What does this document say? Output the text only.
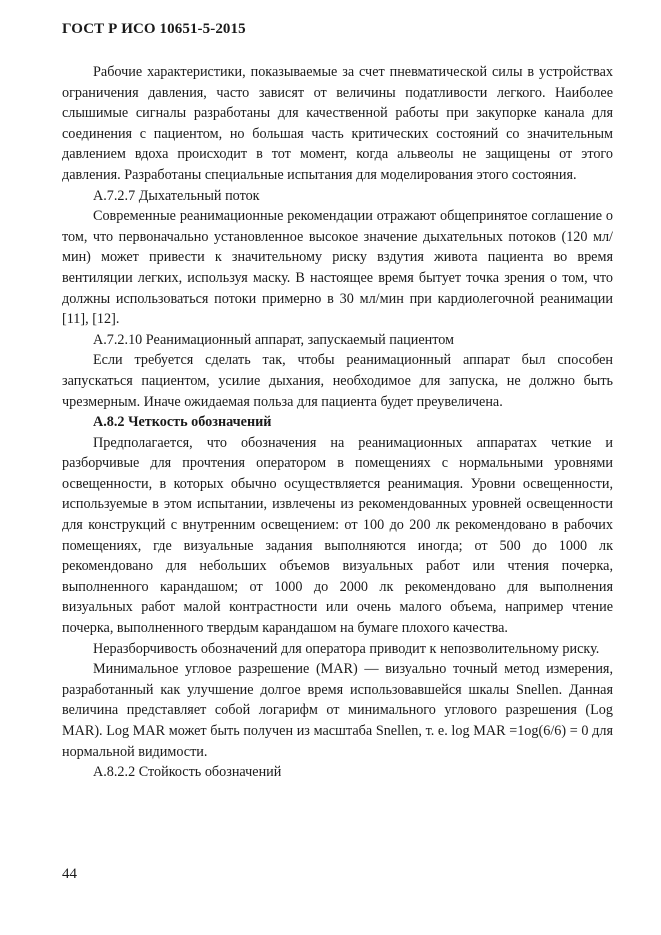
ГОСТ Р ИСО 10651-5-2015

Рабочие характеристики, показываемые за счет пневматической силы в устройствах ограничения давления, часто зависят от величины податливости легкого. Наиболее слышимые сигналы разработаны для качественной работы при закупорке канала для соединения с пациентом, но большая часть критических состояний со значительным давлением вдоха происходит в тот момент, когда альвеолы не защищены от этого давления. Разработаны специальные испытания для моделирования этого состояния.

А.7.2.7 Дыхательный поток

Современные реанимационные рекомендации отражают общепринятое соглашение о том, что первоначально установленное высокое значение дыхательных потоков (120 мл/мин) может привести к значительному риску вздутия живота пациента во время вентиляции легких, используя маску. В настоящее время бытует точка зрения о том, что должны использоваться потоки примерно в 30 мл/мин при кардиолегочной реанимации [11], [12].

А.7.2.10 Реанимационный аппарат, запускаемый пациентом

Если требуется сделать так, чтобы реанимационный аппарат был способен запускаться пациентом, усилие дыхания, необходимое для запуска, не должно быть чрезмерным. Иначе ожидаемая польза для пациента будет преувеличена.

А.8.2 Четкость обозначений

Предполагается, что обозначения на реанимационных аппаратах четкие и разборчивые для прочтения оператором в помещениях с нормальными уровнями освещенности, в которых обычно осуществляется реанимация. Уровни освещенности, используемые в этом испытании, извлечены из рекомендованных уровней освещенности для конструкций с внутренним освещением: от 100 до 200 лк рекомендовано в рабочих помещениях, где визуальные задания выполняются иногда; от 500 до 1000 лк рекомендовано для небольших объемов визуальных работ или чтения почерка, выполненного карандашом; от 1000 до 2000 лк рекомендовано для выполнения визуальных работ малой контрастности или очень малого объема, например чтение почерка, выполненного твердым карандашом на бумаге плохого качества.

Неразборчивость обозначений для оператора приводит к непозволительному риску.

Минимальное угловое разрешение (MAR) — визуально точный метод измерения, разработанный как улучшение долгое время использовавшейся шкалы Snellen. Данная величина представляет собой логарифм от минимального углового разрешения (Log MAR). Log MAR может быть получен из масштаба Snellen, т. е. log MAR =1og(6/6) = 0 для нормальной видимости.

А.8.2.2 Стойкость обозначений

44
